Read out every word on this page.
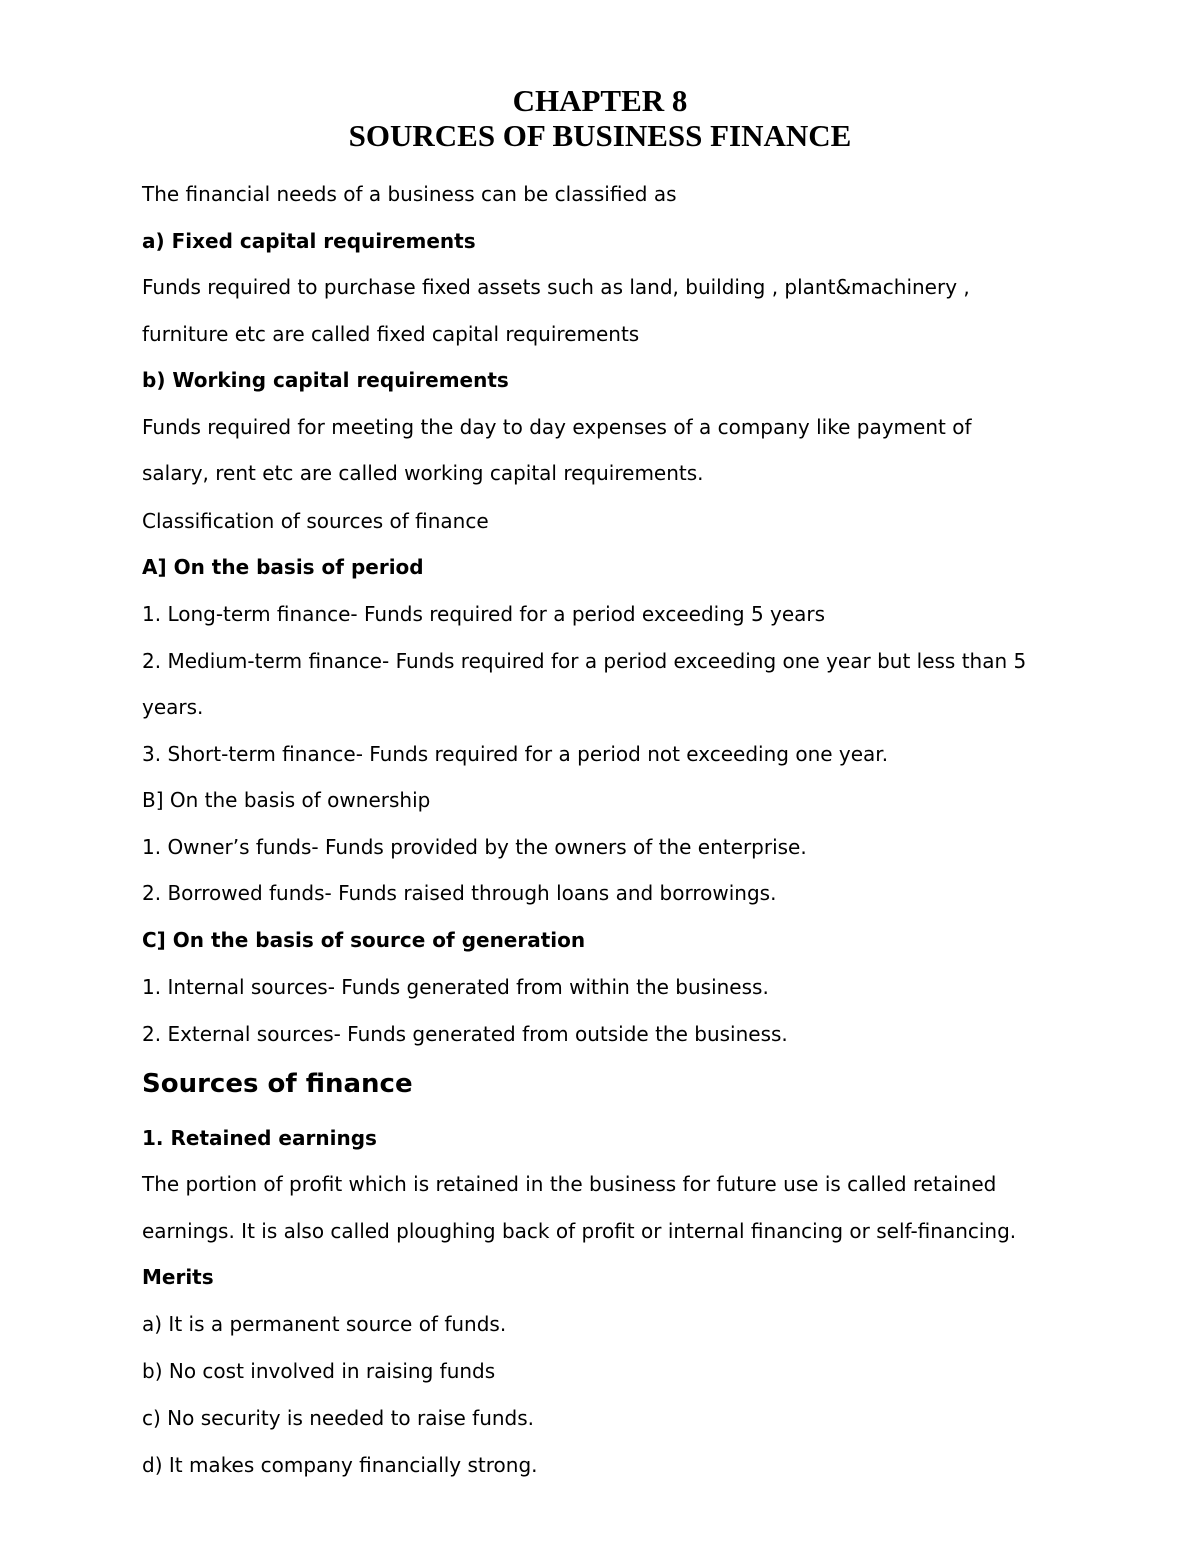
CHAPTER 8
SOURCES OF BUSINESS FINANCE

The financial needs of a business can be classified as

a) Fixed capital requirements

Funds required to purchase fixed assets such as land, building , plant&machinery ,

furniture etc are called fixed capital requirements

b) Working capital requirements

Funds required for meeting the day to day expenses of a company like payment of

salary, rent etc are called working capital requirements.

Classification of sources of finance

A] On the basis of period

1. Long-term finance- Funds required for a period exceeding 5 years

2. Medium-term finance- Funds required for a period exceeding one year but less than 5

years.

3. Short-term finance- Funds required for a period not exceeding one year.

B] On the basis of ownership

1. Owner’s funds- Funds provided by the owners of the enterprise.

2. Borrowed funds- Funds raised through loans and borrowings.

C] On the basis of source of generation

1. Internal sources- Funds generated from within the business.

2. External sources- Funds generated from outside the business.

Sources of finance

1. Retained earnings

The portion of profit which is retained in the business for future use is called retained

earnings. It is also called ploughing back of profit or internal financing or self-financing.

Merits

a) It is a permanent source of funds.

b) No cost involved in raising funds

c) No security is needed to raise funds.

d) It makes company financially strong.
